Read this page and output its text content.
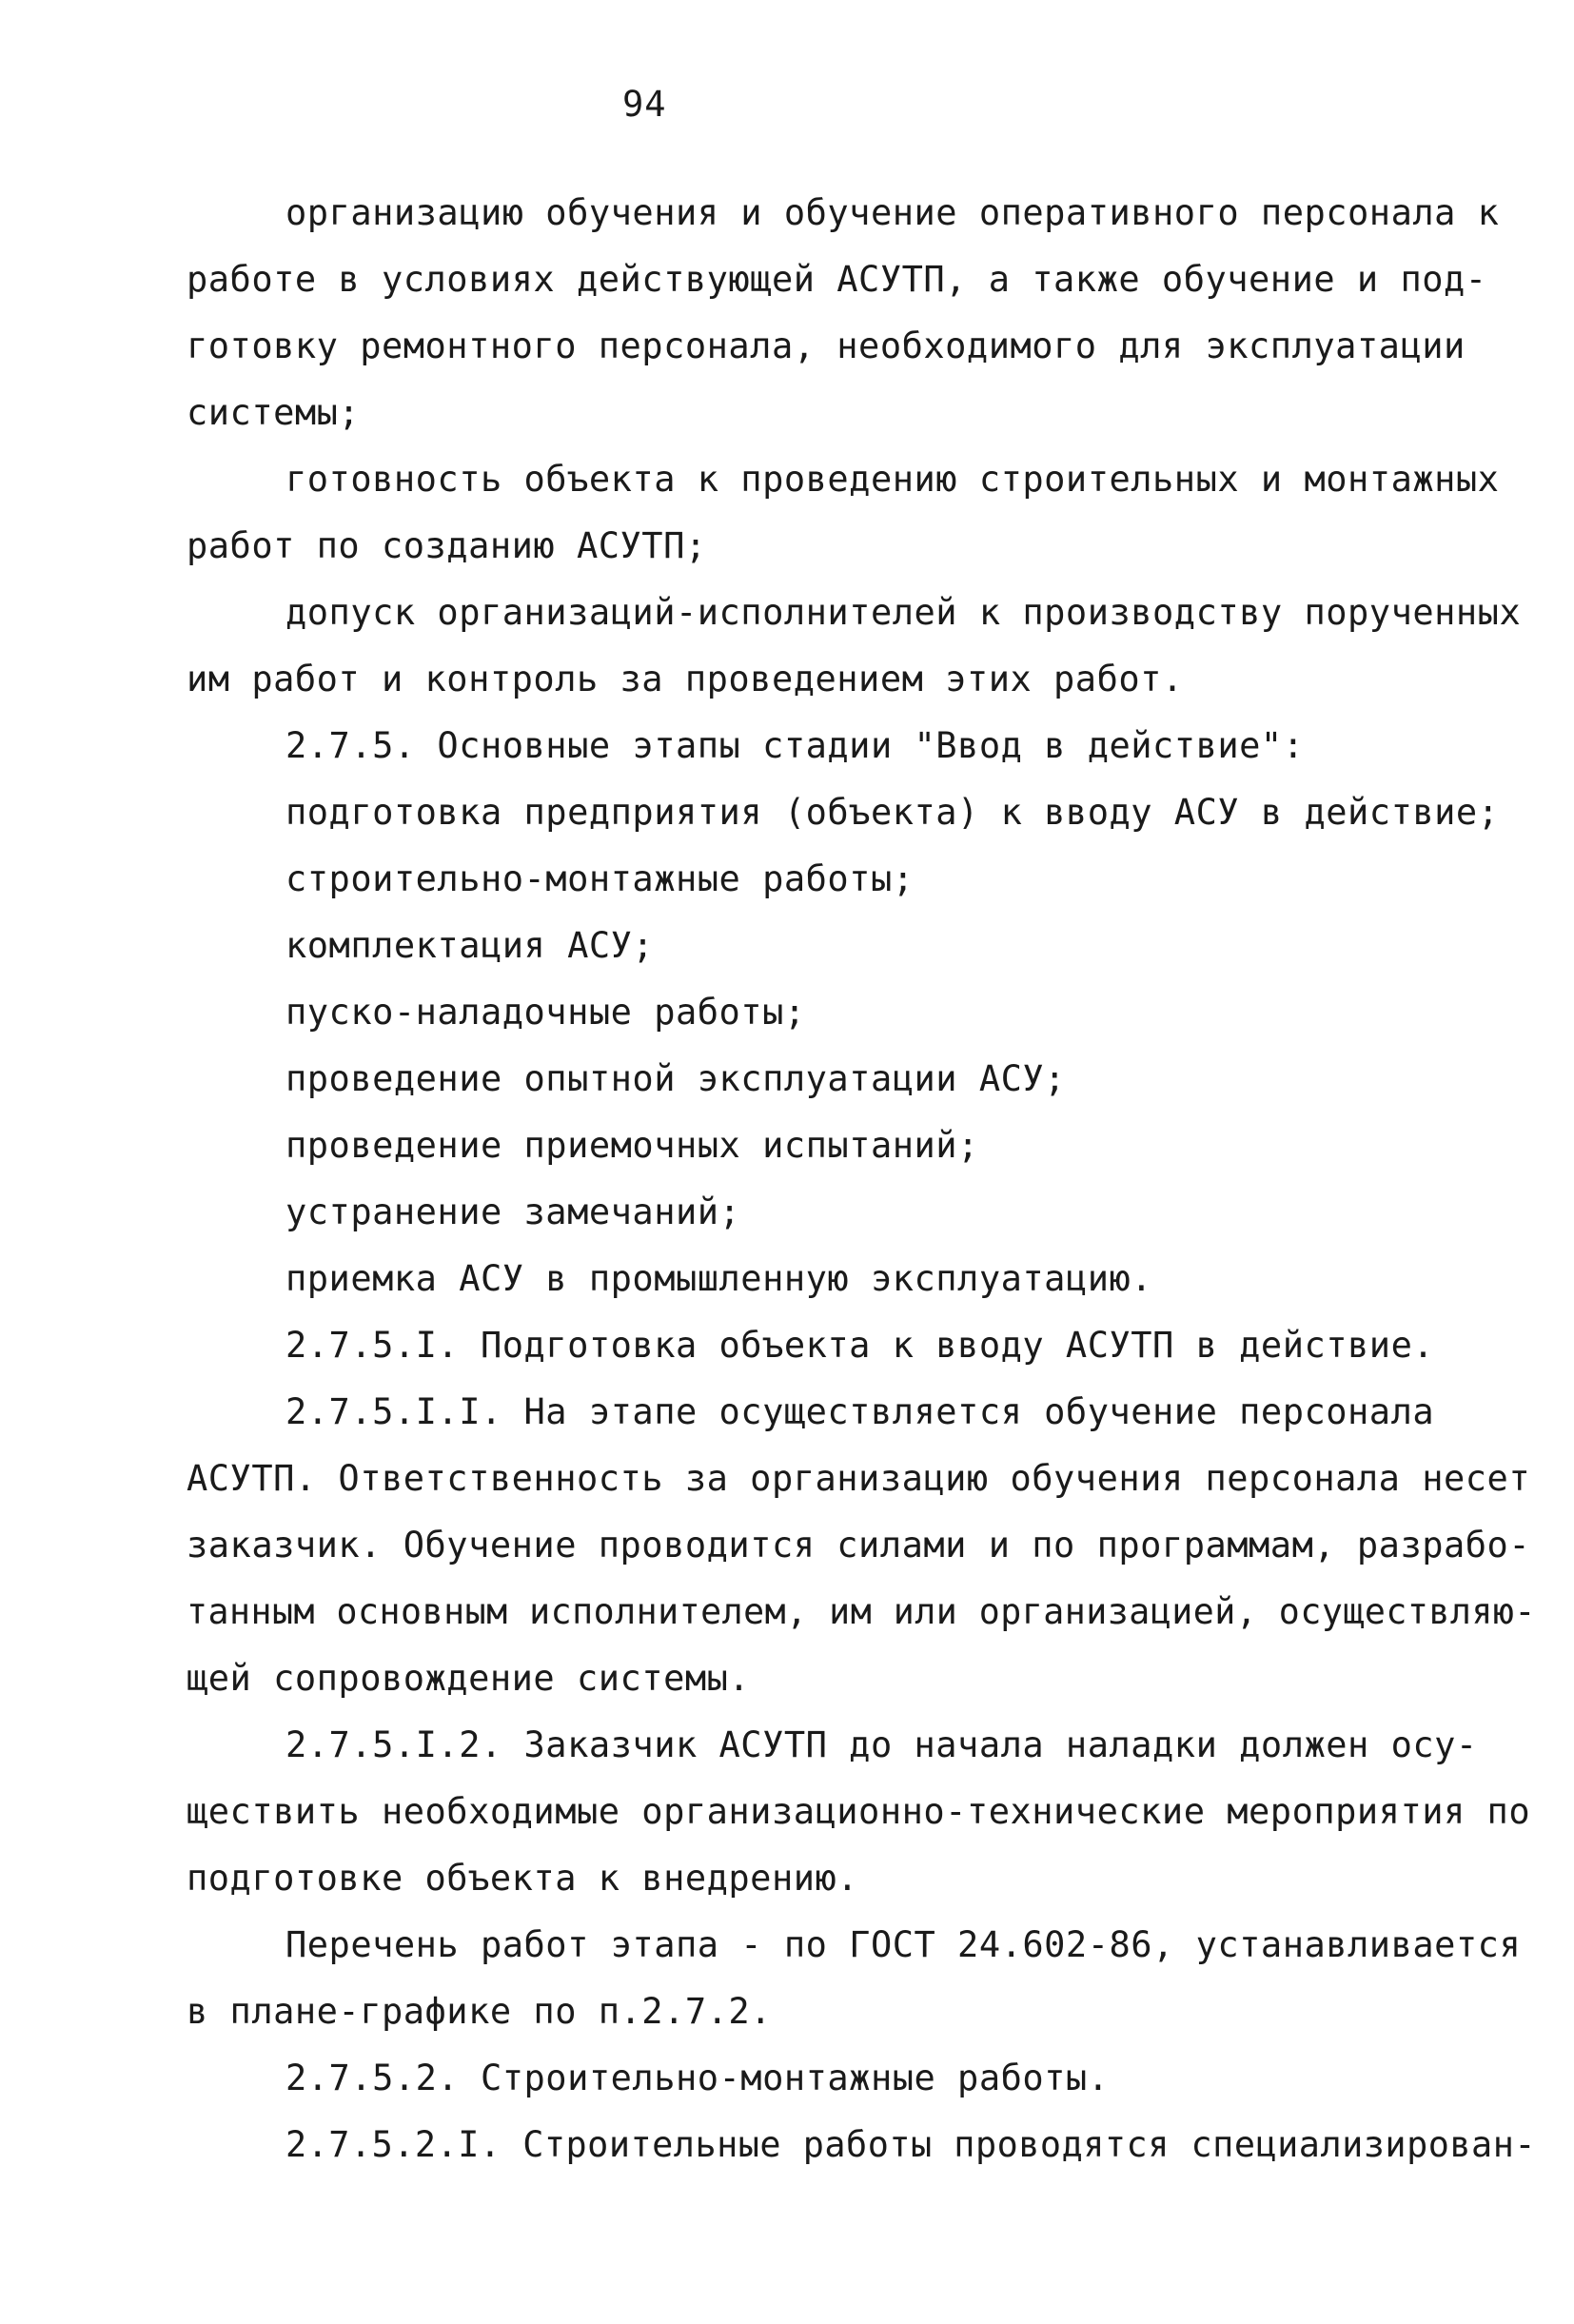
94
организацию обучения и обучение оперативного персонала к
работе в условиях действующей АСУТП, а также обучение и под-
готовку ремонтного персонала, необходимого для эксплуатации
системы;
готовность объекта к проведению строительных и монтажных
работ по созданию АСУТП;
допуск организаций-исполнителей к производству порученных
им работ и контроль за проведением этих работ.
2.7.5. Основные этапы стадии "Ввод в действие":
подготовка предприятия (объекта) к вводу АСУ в действие;
строительно-монтажные работы;
комплектация АСУ;
пуско-наладочные работы;
проведение опытной эксплуатации АСУ;
проведение приемочных испытаний;
устранение замечаний;
приемка АСУ в промышленную эксплуатацию.
2.7.5.I. Подготовка объекта к вводу АСУТП в действие.
2.7.5.I.I. На этапе осуществляется обучение персонала
АСУТП. Ответственность за организацию обучения персонала несет
заказчик. Обучение проводится силами и по программам, разрабо-
танным основным исполнителем, им или организацией, осуществляю-
щей сопровождение системы.
2.7.5.I.2. Заказчик АСУТП до начала наладки должен осу-
ществить необходимые организационно-технические мероприятия по
подготовке объекта к внедрению.
Перечень работ этапа - по ГОСТ 24.602-86, устанавливается
в плане-графике по п.2.7.2.
2.7.5.2. Строительно-монтажные работы.
2.7.5.2.I. Строительные работы проводятся специализирован-
